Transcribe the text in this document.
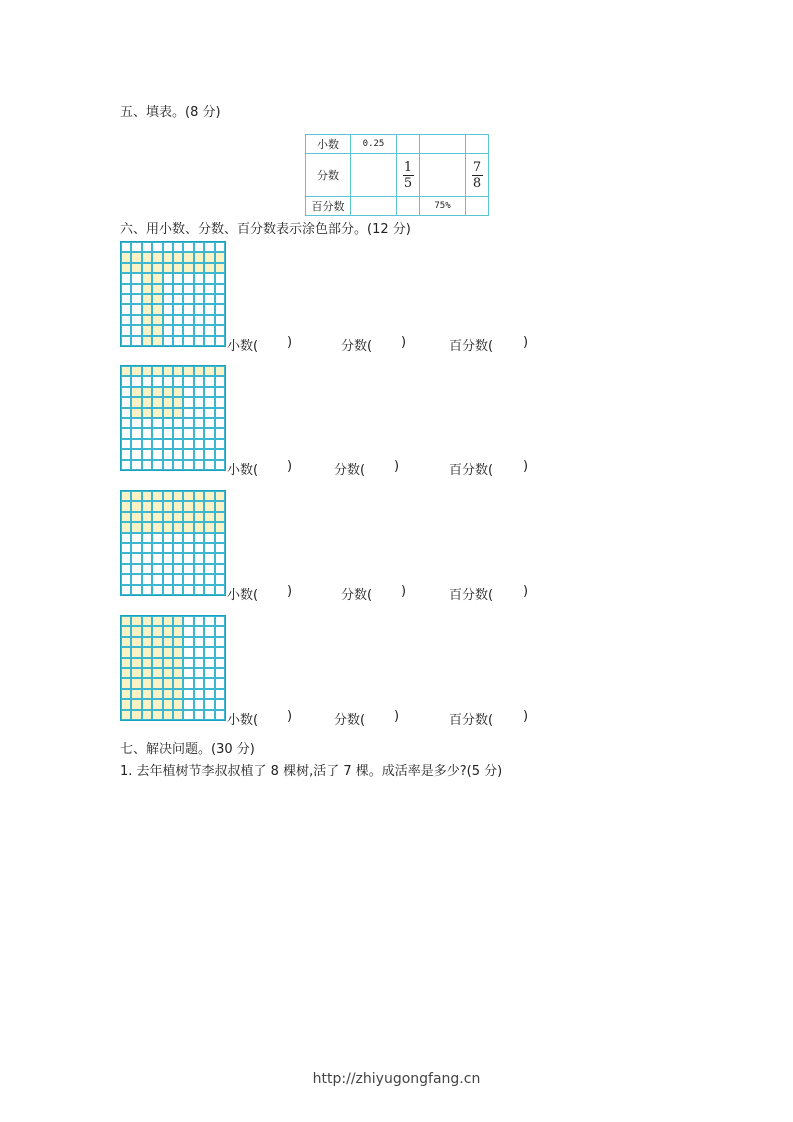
五、填表。(8 分)
小数	0.25			
分数		$\frac{1}{5}$		$\frac{7}{8}$

百分数			75%	
六、用小数、分数、百分数表示涂色部分。(12 分)
小数( )	分数( )	百分数( )
小数( )	分数( )	百分数( )
小数( )	分数( )	百分数( )
小数( )	分数( )	百分数( )
七、解决问题。(30 分)
1. 去年植树节李叔叔植了 8 棵树,活了 7 棵。成活率是多少?(5 分)
http://zhiyugongfang.cn
